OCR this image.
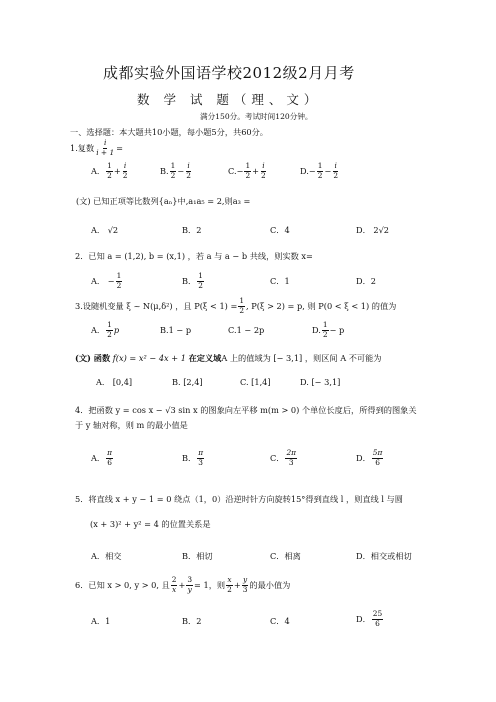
成都实验外国语学校2012级2月月考
数 学 试 题（理、文）
满分150分。考试时间120分钟。
一、选择题：本大题共10小题，每小题5分，共60分。
1.复数 $\frac{i}{i + 1}$ =
A． $\frac{1}{2} + \frac{i}{2}$	B. $\frac{1}{2} - \frac{i}{2}$	C. − $\frac{1}{2} + \frac{i}{2}$	D. − $\frac{1}{2} - \frac{i}{2}$
(文) 已知正项等比数列{aₙ}中,a₁a₅ = 2,则a₃ =
A． √2	B．2	C．4	D． 2√2
2．已知 a = (1,2), b = (x,1) ，若 a 与 a − b 共线，则实数 x=
A． − $\frac{1}{2}$	B． $\frac{1}{2}$	C．1	D．2
3.设随机变量 ξ ~ N(μ,δ²) ，且 $P(\xi < 1) = \frac{1}{2}$ , P(ξ > 2) = p, 则 P(0 < ξ < 1) 的值为
A． $\frac{1}{2}$ p	B.1 − p	C.1 − 2p	D. $\frac{1}{2} - p$
(文) 函数 f(x) = x² − 4x + 1 在定义域A 上的值域为 [− 3,1] ，则区间 A 不可能为
A． [0,4]	B. [2,4]	C. [1,4]	D. [− 3,1]
4．把函数 y = cos x − √3 sin x 的图象向左平移 m(m > 0) 个单位长度后，所得到的图象关
于 y 轴对称，则 m 的最小值是
A． $\frac{\pi}{6}$	B． $\frac{\pi}{3}$	C． $\frac{2\pi}{3}$	D． $\frac{5\pi}{6}$
5．将直线 x + y − 1 = 0 绕点（1，0）沿逆时针方向旋转15°得到直线 l ，则直线 l 与圆
(x + 3)² + y² = 4 的位置关系是
A．相交	B．相切	C．相离	D．相交或相切
6．已知 x > 0, y > 0, 且 $\frac{2}{x} + \frac{3}{y} = 1$，则 $\frac{x}{2} + \frac{y}{3}$ 的最小值为
A．1	B．2	C．4	D． $\frac{25}{6}$
